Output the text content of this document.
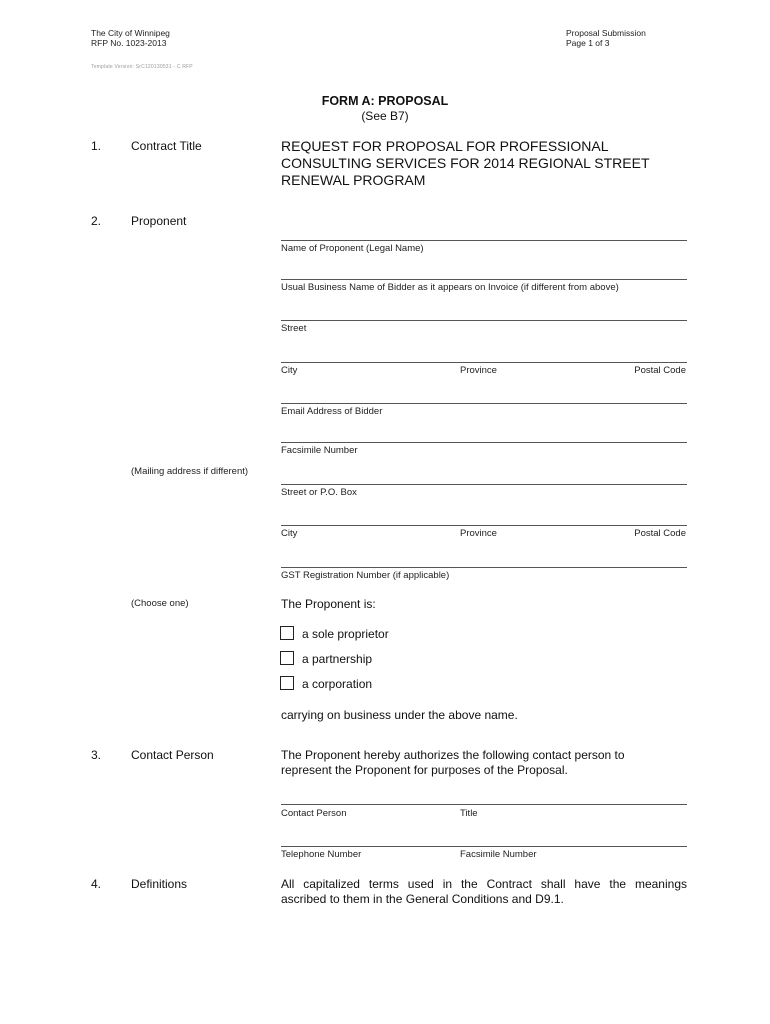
The City of Winnipeg
RFP No. 1023-2013
Proposal Submission
Page 1 of 3
Template Version: SrC120130531 - C RFP
FORM A: PROPOSAL
(See B7)
1. Contract Title	REQUEST FOR PROPOSAL FOR PROFESSIONAL
CONSULTING SERVICES FOR 2014 REGIONAL STREET
RENEWAL PROGRAM
2. Proponent
Name of Proponent (Legal Name)
Usual Business Name of Bidder as it appears on Invoice (if different from above)
Street
City	Province	Postal Code
Email Address of Bidder
Facsimile Number
(Mailing address if different)
Street or P.O. Box
City	Province	Postal Code
GST Registration Number (if applicable)
(Choose one)	The Proponent is:
a sole proprietor
a partnership
a corporation
carrying on business under the above name.
3. Contact Person	The Proponent hereby authorizes the following contact person to
represent the Proponent for purposes of the Proposal.
Contact Person	Title
Telephone Number	Facsimile Number
4. Definitions	All capitalized terms used in the Contract shall have the meanings
ascribed to them in the General Conditions and D9.1.
